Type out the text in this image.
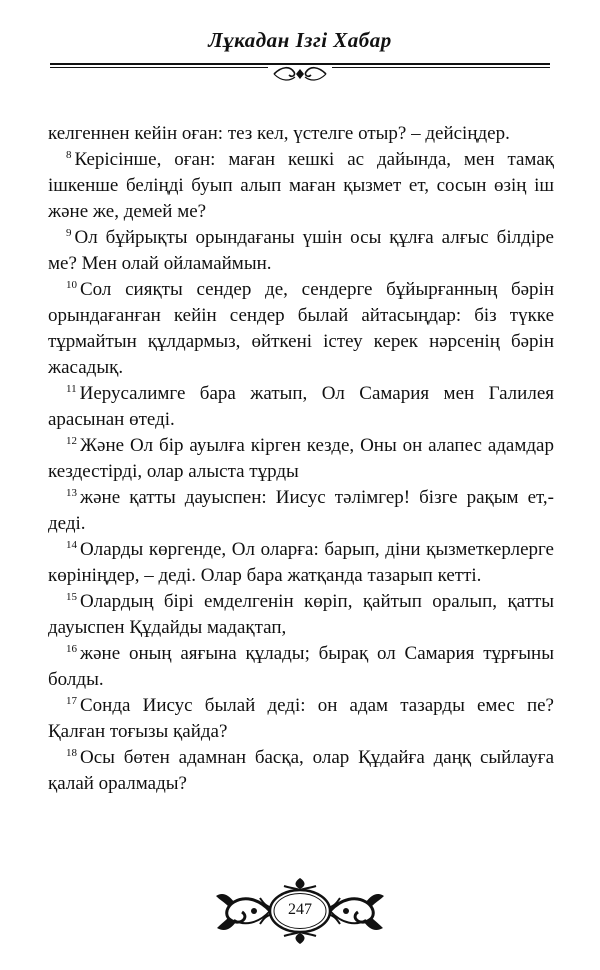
Лұкадан Ізгі Хабар

келгеннен кейін оған: тез кел, үстелге отыр? – дейсіңдер.

$^8$ Керісінше, оған: маған кешкі ас дайында, мен тамақ ішкенше беліңді буып алып маған қызмет ет, сосын өзің іш және же, демей ме?

$^9$ Ол бұйрықты орындағаны үшін осы құлға алғыс білдіре ме? Мен олай ойламаймын.

$^{10}$ Сол сияқты сендер де, сендерге бұйырғанның бәрін орындағанған кейін сендер былай айтасыңдар: біз түкке тұрмайтын құлдармыз, өйткені істеу керек нәрсенің бәрін жасадық.

$^{11}$ Иерусалимге бара жатып, Ол Самария мен Галилея арасынан өтеді.

$^{12}$ Және Ол бір ауылға кірген кезде, Оны он алапес адамдар кездестірді, олар алыста тұрды

$^{13}$ және қатты дауыспен: Иисус тәлімгер! бізге рақым ет,- деді.

$^{14}$ Оларды көргенде, Ол оларға: барып, діни қызметкерлерге көрініңдер, – деді. Олар бара жатқанда тазарып кетті.

$^{15}$ Олардың бірі емделгенін көріп, қайтып оралып, қатты дауыспен Құдайды мадақтап,

$^{16}$ және оның аяғына құлады; бырақ ол Самария тұрғыны болды.

$^{17}$ Сонда Иисус былай деді: он адам тазарды емес пе? Қалған тоғызы қайда?

$^{18}$ Осы бөтен адамнан басқа, олар Құдайға даңқ сыйлауға қалай оралмады?

247
